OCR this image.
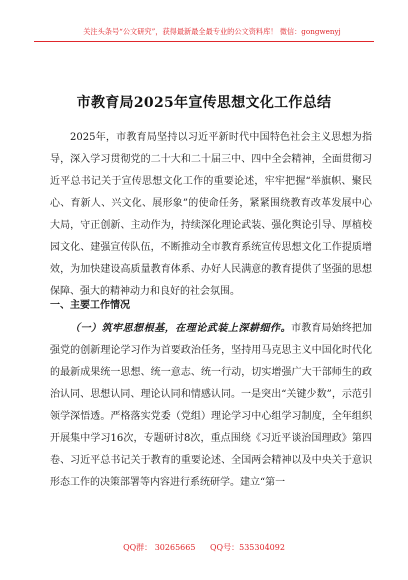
关注头条号“公文研究”，获得最新最全最专业的公文资料库！ 微信：gongwenyj
市教育局2025年宣传思想文化工作总结

2025年，市教育局坚持以习近平新时代中国特色社会主义思想为指导，深入学习贯彻党的二十大和二十届三中、四中全会精神，全面贯彻习近平总书记关于宣传思想文化工作的重要论述，牢牢把握“举旗帜、聚民心、育新人、兴文化、展形象”的使命任务，紧紧围绕教育改革发展中心大局，守正创新、主动作为，持续深化理论武装、强化舆论引导、厚植校园文化、建强宣传队伍，不断推动全市教育系统宣传思想文化工作提质增效，为加快建设高质量教育体系、办好人民满意的教育提供了坚强的思想保障、强大的精神动力和良好的社会氛围。

一、主要工作情况

（一）筑牢思想根基，在理论武装上深耕细作。市教育局始终把加强党的创新理论学习作为首要政治任务，坚持用马克思主义中国化时代化的最新成果统一思想、统一意志、统一行动，切实增强广大干部师生的政治认同、思想认同、理论认同和情感认同。一是突出“关键少数”，示范引领学深悟透。严格落实党委（党组）理论学习中心组学习制度，全年组织开展集中学习16次，专题研讨8次，重点围绕《习近平谈治国理政》第四卷、习近平总书记关于教育的重要论述、全国两会精神以及中央关于意识形态工作的决策部署等内容进行系统研学。建立“第一

QQ群： 30265665 QQ号：535304092
